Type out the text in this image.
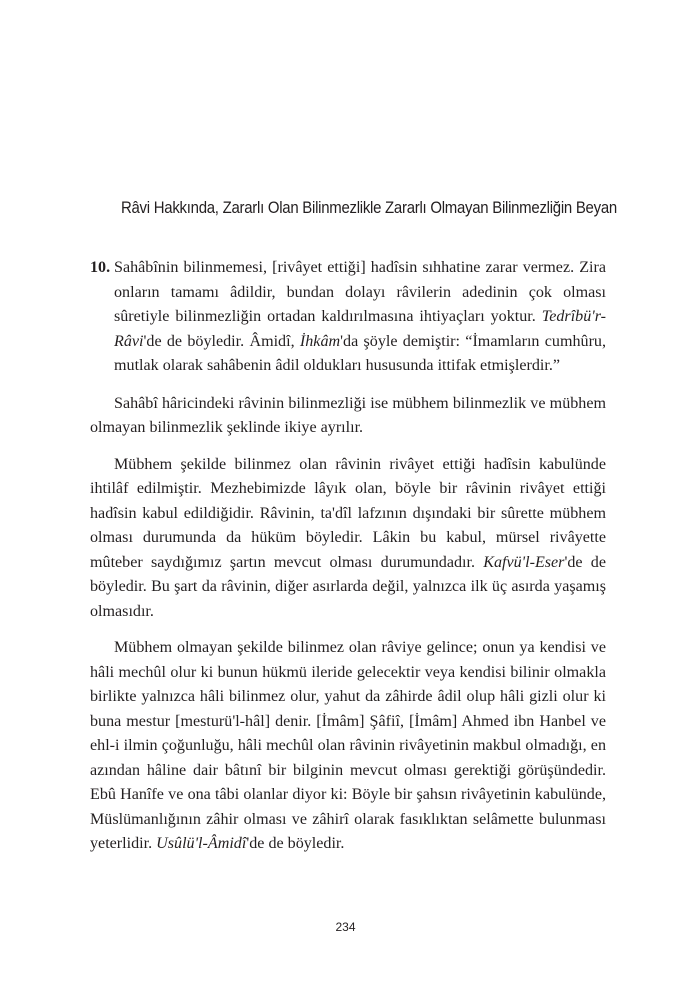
Râvi Hakkında, Zararlı Olan Bilinmezlikle Zararlı Olmayan Bilinmezliğin Beyan
10. Sahâbînin bilinmemesi, [rivâyet ettiği] hadîsin sıhhatine zarar vermez. Zira onların tamamı âdildir, bundan dolayı râvilerin adedinin çok olması sûretiyle bilinmezliğin ortadan kaldırılmasına ihtiyaçları yoktur. Tedrîbü'r-Râvi'de de böyledir. Âmidî, İhkâm'da şöyle demiştir: “İmamların cumhûru, mutlak olarak sahâbenin âdil oldukları hususunda ittifak etmişlerdir.”

Sahâbî hâricindeki râvinin bilinmezliği ise mübhem bilinmezlik ve mübhem olmayan bilinmezlik şeklinde ikiye ayrılır.

Mübhem şekilde bilinmez olan râvinin rivâyet ettiği hadîsin kabulünde ihtilâf edilmiştir. Mezhebimizde lâyık olan, böyle bir râvinin rivâyet ettiği hadîsin kabul edildiğidir. Râvinin, ta'dîl lafzının dışındaki bir sûrette mübhem olması durumunda da hüküm böyledir. Lâkin bu kabul, mürsel rivâyette mûteber saydığımız şartın mevcut olması durumundadır. Kafvü'l-Eser'de de böyledir. Bu şart da râvinin, diğer asırlarda değil, yalnızca ilk üç asırda yaşamış olmasıdır.

Mübhem olmayan şekilde bilinmez olan râviye gelince; onun ya kendisi ve hâli mechûl olur ki bunun hükmü ileride gelecektir veya kendisi bilinir olmakla birlikte yalnızca hâli bilinmez olur, yahut da zâhirde âdil olup hâli gizli olur ki buna mestur [mesturü'l-hâl] denir. [İmâm] Şâfiî, [İmâm] Ahmed ibn Hanbel ve ehl-i ilmin çoğunluğu, hâli mechûl olan râvinin rivâyetinin makbul olmadığı, en azından hâline dair bâtınî bir bilginin mevcut olması gerektiği görüşündedir. Ebû Hanîfe ve ona tâbi olanlar diyor ki: Böyle bir şahsın rivâyetinin kabulünde, Müslümanlığının zâhir olması ve zâhirî olarak fasıklıktan selâmette bulunması yeterlidir. Usûlü'l-Âmidî'de de böyledir.

234
